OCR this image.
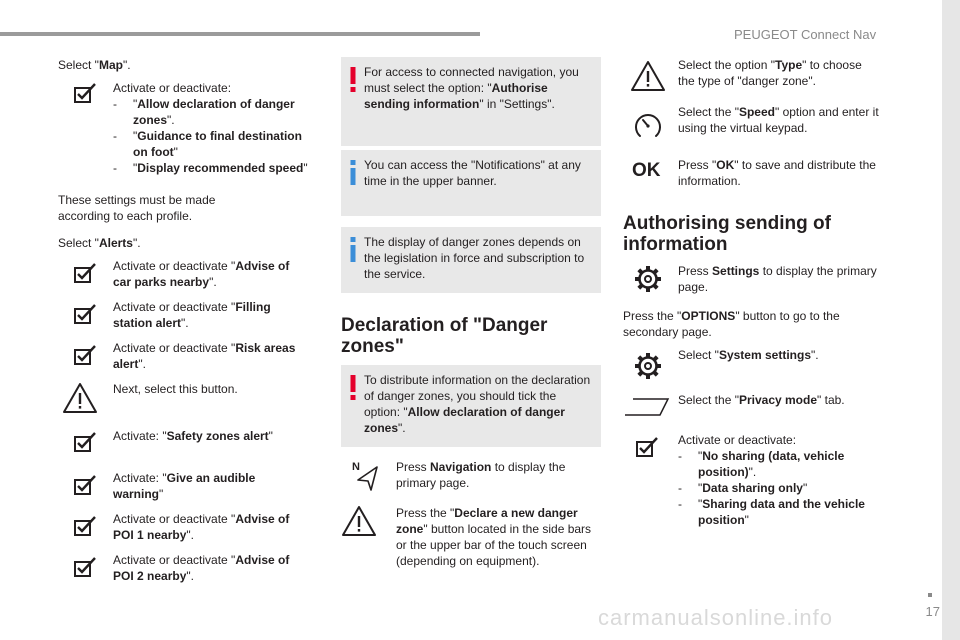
PEUGEOT Connect Nav
17
carmanualsonline.info
Select "Map".
Activate or deactivate:
-	"Allow declaration of danger zones".
-	"Guidance to final destination on foot"
-	"Display recommended speed"
These settings must be made according to each profile.
Select "Alerts".
Activate or deactivate "Advise of car parks nearby".
Activate or deactivate "Filling station alert".
Activate or deactivate "Risk areas alert".
Next, select this button.
Activate: "Safety zones alert"
Activate: "Give an audible warning"
Activate or deactivate "Advise of POI 1 nearby".
Activate or deactivate "Advise of POI 2 nearby".
For access to connected navigation, you must select the option: "Authorise sending information" in "Settings".
You can access the "Notifications" at any time in the upper banner.
The display of danger zones depends on the legislation in force and subscription to the service.
Declaration of "Danger zones"
To distribute information on the declaration of danger zones, you should tick the option: "Allow declaration of danger zones".
N	Press Navigation to display the primary page.
Press the "Declare a new danger zone" button located in the side bars or the upper bar of the touch screen (depending on equipment).
Select the option "Type" to choose the type of "danger zone".
Select the "Speed" option and enter it using the virtual keypad.
OK Press "OK" to save and distribute the information.
Authorising sending of information
Press Settings to display the primary page.
Press the "OPTIONS" button to go to the secondary page.
Select "System settings".
Select the "Privacy mode" tab.
Activate or deactivate:
-	"No sharing (data, vehicle position)".
-	"Data sharing only"
-	"Sharing data and the vehicle position"
